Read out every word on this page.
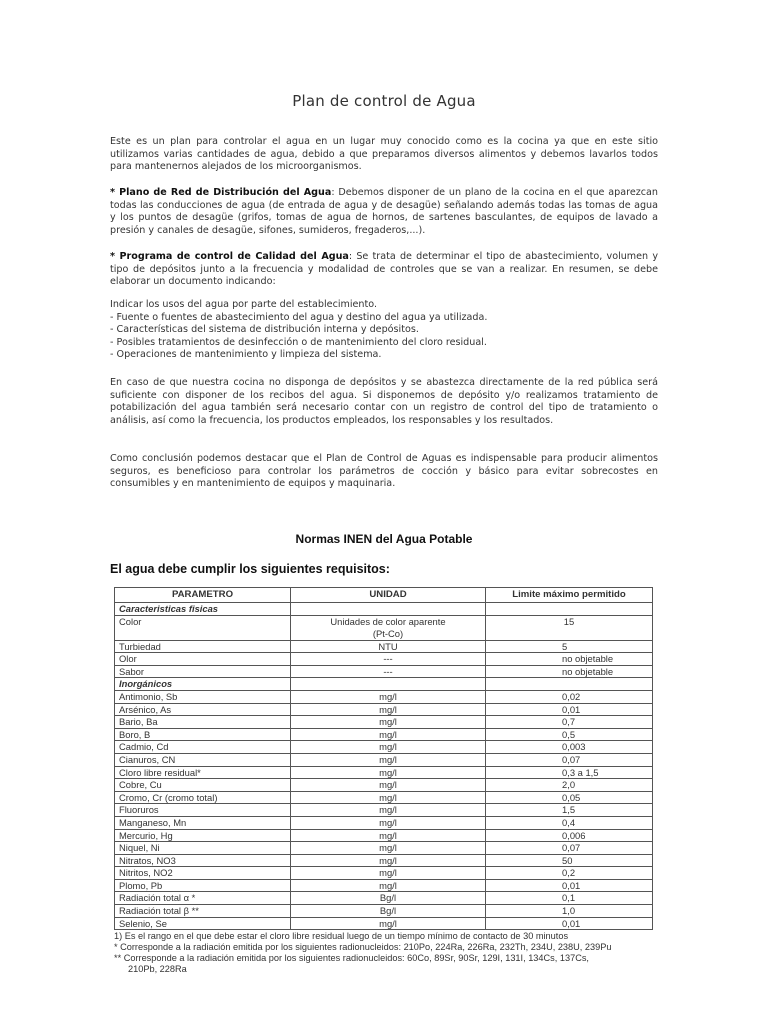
Plan de control de Agua
Este es un plan para controlar el agua en un lugar muy conocido como es la cocina ya que en este sitio utilizamos varias cantidades de agua, debido a que preparamos diversos alimentos y debemos lavarlos todos para mantenernos alejados de los microorganismos.
* Plano de Red de Distribución del Agua: Debemos disponer de un plano de la cocina en el que aparezcan todas las conducciones de agua (de entrada de agua y de desagüe) señalando además todas las tomas de agua y los puntos de desagüe (grifos, tomas de agua de hornos, de sartenes basculantes, de equipos de lavado a presión y canales de desagüe, sifones, sumideros, fregaderos,...).
* Programa de control de Calidad del Agua: Se trata de determinar el tipo de abastecimiento, volumen y tipo de depósitos junto a la frecuencia y modalidad de controles que se van a realizar. En resumen, se debe elaborar un documento indicando:
Indicar los usos del agua por parte del establecimiento.
- Fuente o fuentes de abastecimiento del agua y destino del agua ya utilizada.
- Características del sistema de distribución interna y depósitos.
- Posibles tratamientos de desinfección o de mantenimiento del cloro residual.
- Operaciones de mantenimiento y limpieza del sistema.
En caso de que nuestra cocina no disponga de depósitos y se abastezca directamente de la red pública será suficiente con disponer de los recibos del agua. Si disponemos de depósito y/o realizamos tratamiento de potabilización del agua también será necesario contar con un registro de control del tipo de tratamiento o análisis, así como la frecuencia, los productos empleados, los responsables y los resultados.
Como conclusión podemos destacar que el Plan de Control de Aguas es indispensable para producir alimentos seguros, es beneficioso para controlar los parámetros de cocción y básico para evitar sobrecostes en consumibles y en mantenimiento de equipos y maquinaria.
Normas INEN del Agua Potable
El agua debe cumplir los siguientes requisitos:
PARAMETRO	UNIDAD	Limite máximo permitido
Caracteristicas fisicas		
Color	Unidades de color aparente
(Pt-Co)	15
Turbiedad	NTU	5
Olor	---	no objetable
Sabor	---	no objetable
Inorgánicos		
Antimonio, Sb	mg/l	0,02
Arsénico, As	mg/l	0,01
Bario, Ba	mg/l	0,7
Boro, B	mg/l	0,5
Cadmio, Cd	mg/l	0,003
Cianuros, CN	mg/l	0,07
Cloro libre residual*	mg/l	0,3 a 1,5
Cobre, Cu	mg/l	2,0
Cromo, Cr (cromo total)	mg/l	0,05
Fluoruros	mg/l	1,5
Manganeso, Mn	mg/l	0,4
Mercurio, Hg	mg/l	0,006
Niquel, Ni	mg/l	0,07
Nitratos, NO3	mg/l	50
Nitritos, NO2	mg/l	0,2
Plomo, Pb	mg/l	0,01
Radiación total α *	Bg/l	0,1
Radiación total β **	Bg/l	1,0
Selenio, Se	mg/l	0,01
1) Es el rango en el que debe estar el cloro libre residual luego de un tiempo mínimo de contacto de 30 minutos
* Corresponde a la radiación emitida por los siguientes radionucleidos: 210Po, 224Ra, 226Ra, 232Th, 234U, 238U, 239Pu
** Corresponde a la radiación emitida por los siguientes radionucleidos: 60Co, 89Sr, 90Sr, 129I, 131I, 134Cs, 137Cs,
210Pb, 228Ra
